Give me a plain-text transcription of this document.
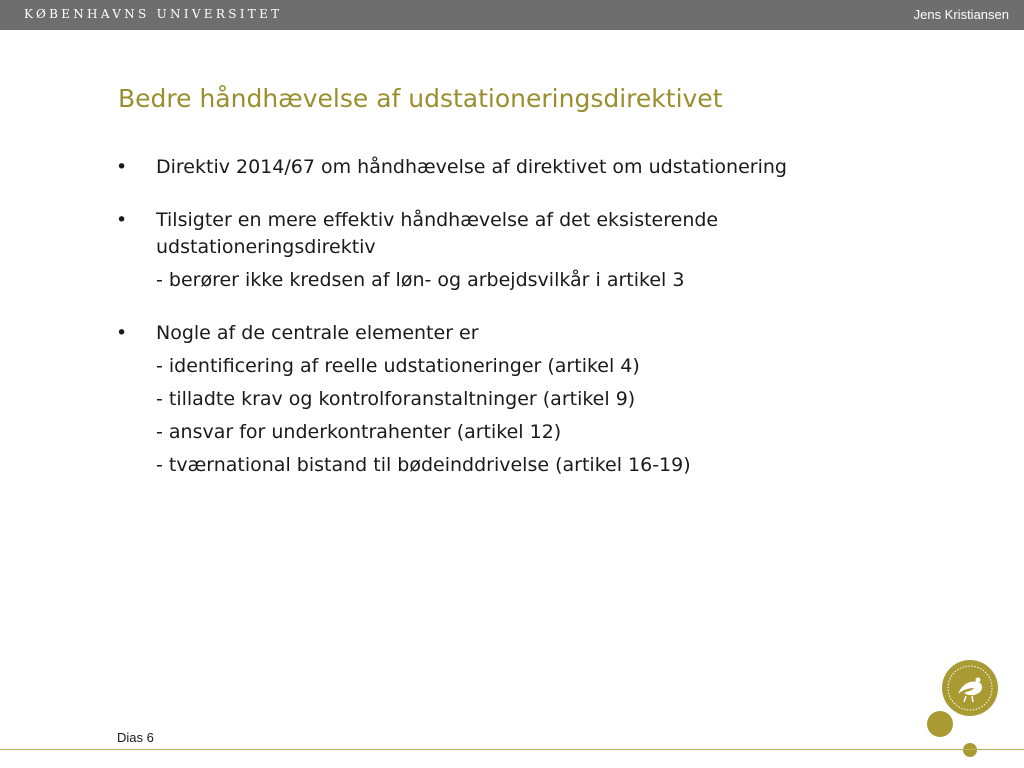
KØBENHAVNS UNIVERSITET	Jens Kristiansen
Bedre håndhævelse af udstationeringsdirektivet
•	Direktiv 2014/67 om håndhævelse af direktivet om udstationering
•	Tilsigter en mere effektiv håndhævelse af det eksisterende udstationeringsdirektiv
- berører ikke kredsen af løn- og arbejdsvilkår i artikel 3
•	Nogle af de centrale elementer er
- identificering af reelle udstationeringer (artikel 4)
- tilladte krav og kontrolforanstaltninger (artikel 9)
- ansvar for underkontrahenter (artikel 12)
- tværnational bistand til bødeinddrivelse (artikel 16-19)
Dias 6
